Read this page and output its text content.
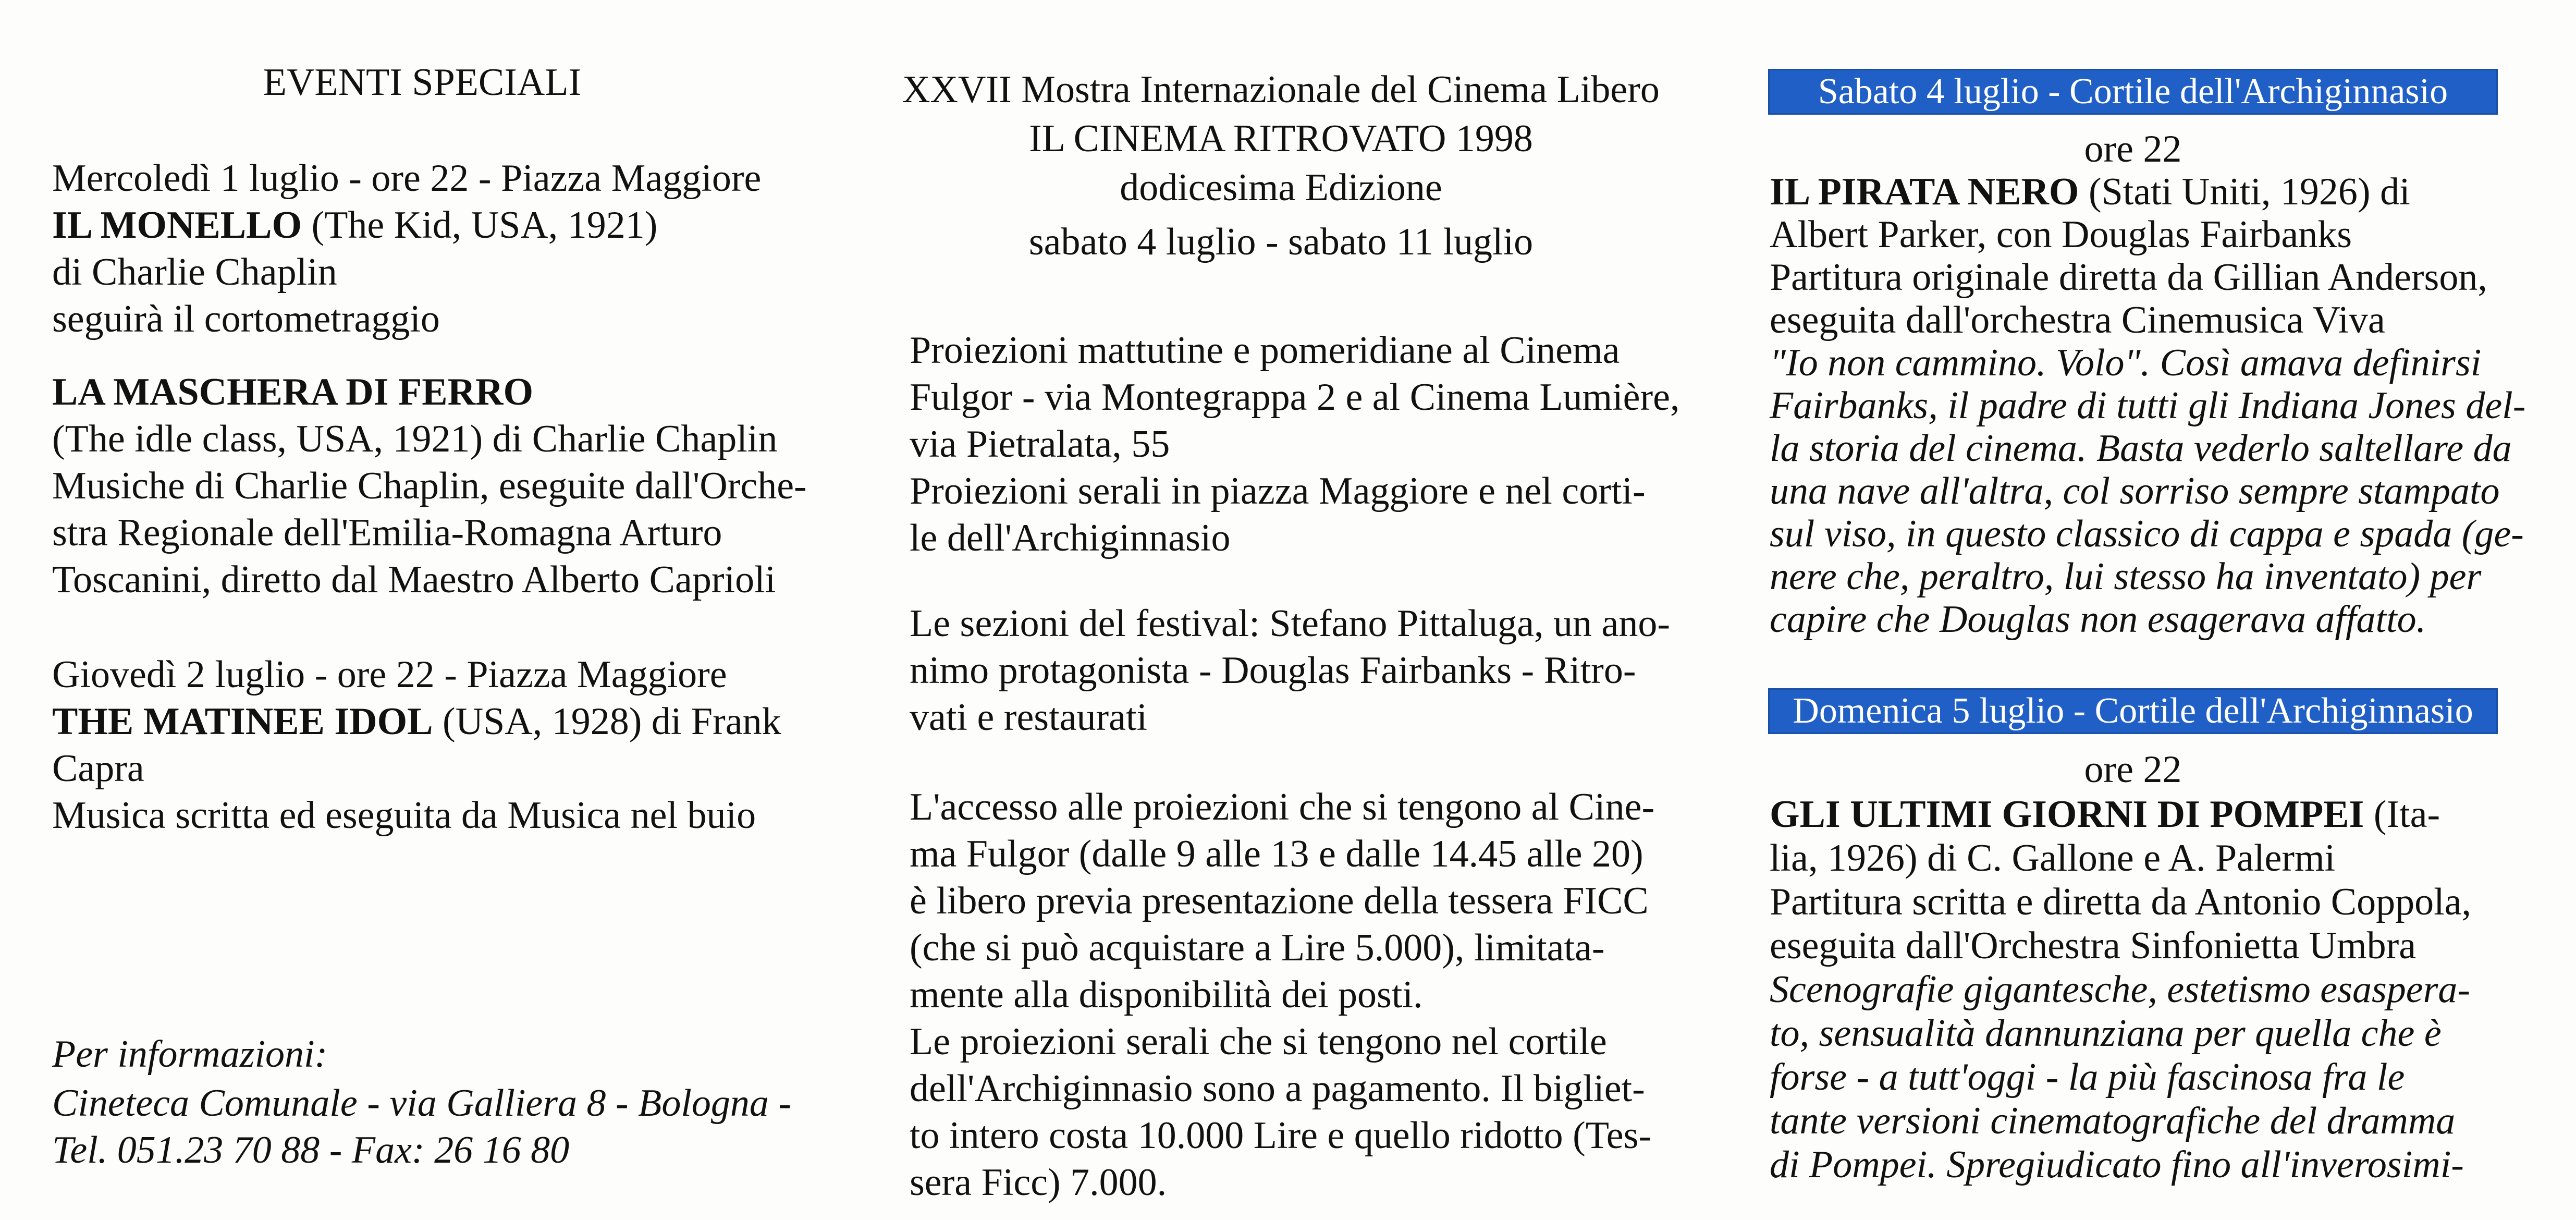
EVENTI SPECIALI
Mercoledì 1 luglio - ore 22 - Piazza Maggiore
IL MONELLO (The Kid, USA, 1921)
di Charlie Chaplin
seguirà il cortometraggio
LA MASCHERA DI FERRO
(The idle class, USA, 1921) di Charlie Chaplin
Musiche di Charlie Chaplin, eseguite dall'Orche-
stra Regionale dell'Emilia-Romagna Arturo
Toscanini, diretto dal Maestro Alberto Caprioli
Giovedì 2 luglio - ore 22 - Piazza Maggiore
THE MATINEE IDOL (USA, 1928) di Frank
Capra
Musica scritta ed eseguita da Musica nel buio
Per informazioni:
Cineteca Comunale - via Galliera 8 - Bologna -
Tel. 051.23 70 88 - Fax: 26 16 80
XXVII Mostra Internazionale del Cinema Libero
IL CINEMA RITROVATO 1998
dodicesima Edizione
sabato 4 luglio - sabato 11 luglio
Proiezioni mattutine e pomeridiane al Cinema
Fulgor - via Montegrappa 2 e al Cinema Lumière,
via Pietralata, 55
Proiezioni serali in piazza Maggiore e nel corti-
le dell'Archiginnasio
Le sezioni del festival: Stefano Pittaluga, un ano-
nimo protagonista - Douglas Fairbanks - Ritro-
vati e restaurati
L'accesso alle proiezioni che si tengono al Cine-
ma Fulgor (dalle 9 alle 13 e dalle 14.45 alle 20)
è libero previa presentazione della tessera FICC
(che si può acquistare a Lire 5.000), limitata-
mente alla disponibilità dei posti.
Le proiezioni serali che si tengono nel cortile
dell'Archiginnasio sono a pagamento. Il bigliet-
to intero costa 10.000 Lire e quello ridotto (Tes-
sera Ficc) 7.000.
Sabato 4 luglio - Cortile dell'Archiginnasio
ore 22
IL PIRATA NERO (Stati Uniti, 1926) di
Albert Parker, con Douglas Fairbanks
Partitura originale diretta da Gillian Anderson,
eseguita dall'orchestra Cinemusica Viva
"Io non cammino. Volo". Così amava definirsi
Fairbanks, il padre di tutti gli Indiana Jones del-
la storia del cinema. Basta vederlo saltellare da
una nave all'altra, col sorriso sempre stampato
sul viso, in questo classico di cappa e spada (ge-
nere che, peraltro, lui stesso ha inventato) per
capire che Douglas non esagerava affatto.
Domenica 5 luglio - Cortile dell'Archiginnasio
ore 22
GLI ULTIMI GIORNI DI POMPEI (Ita-
lia, 1926) di C. Gallone e A. Palermi
Partitura scritta e diretta da Antonio Coppola,
eseguita dall'Orchestra Sinfonietta Umbra
Scenografie gigantesche, estetismo esaspera-
to, sensualità dannunziana per quella che è
forse - a tutt'oggi - la più fascinosa fra le
tante versioni cinematografiche del dramma
di Pompei. Spregiudicato fino all'inverosimi-
